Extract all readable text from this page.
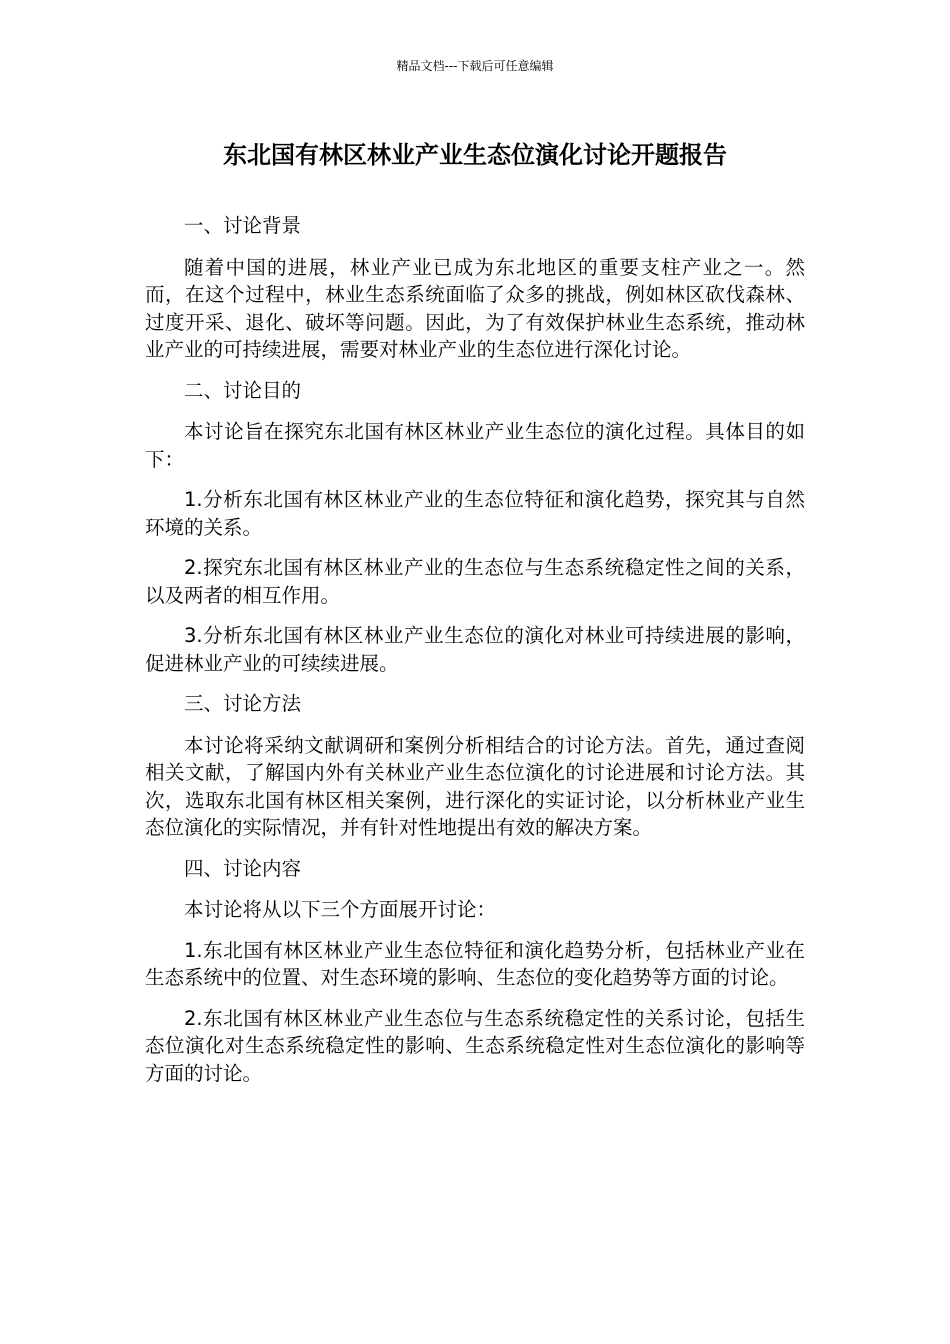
精品文档---下载后可任意编辑
东北国有林区林业产业生态位演化讨论开题报告

一、讨论背景

随着中国的进展，林业产业已成为东北地区的重要支柱产业之一。然而，在这个过程中，林业生态系统面临了众多的挑战，例如林区砍伐森林、过度开采、退化、破坏等问题。因此，为了有效保护林业生态系统，推动林业产业的可持续进展，需要对林业产业的生态位进行深化讨论。

二、讨论目的

本讨论旨在探究东北国有林区林业产业生态位的演化过程。具体目的如下：

1.分析东北国有林区林业产业的生态位特征和演化趋势，探究其与自然环境的关系。

2.探究东北国有林区林业产业的生态位与生态系统稳定性之间的关系，以及两者的相互作用。

3.分析东北国有林区林业产业生态位的演化对林业可持续进展的影响，促进林业产业的可续续进展。

三、讨论方法

本讨论将采纳文献调研和案例分析相结合的讨论方法。首先，通过查阅相关文献，了解国内外有关林业产业生态位演化的讨论进展和讨论方法。其次，选取东北国有林区相关案例，进行深化的实证讨论，以分析林业产业生态位演化的实际情况，并有针对性地提出有效的解决方案。

四、讨论内容

本讨论将从以下三个方面展开讨论：

1.东北国有林区林业产业生态位特征和演化趋势分析，包括林业产业在生态系统中的位置、对生态环境的影响、生态位的变化趋势等方面的讨论。

2.东北国有林区林业产业生态位与生态系统稳定性的关系讨论，包括生态位演化对生态系统稳定性的影响、生态系统稳定性对生态位演化的影响等方面的讨论。
